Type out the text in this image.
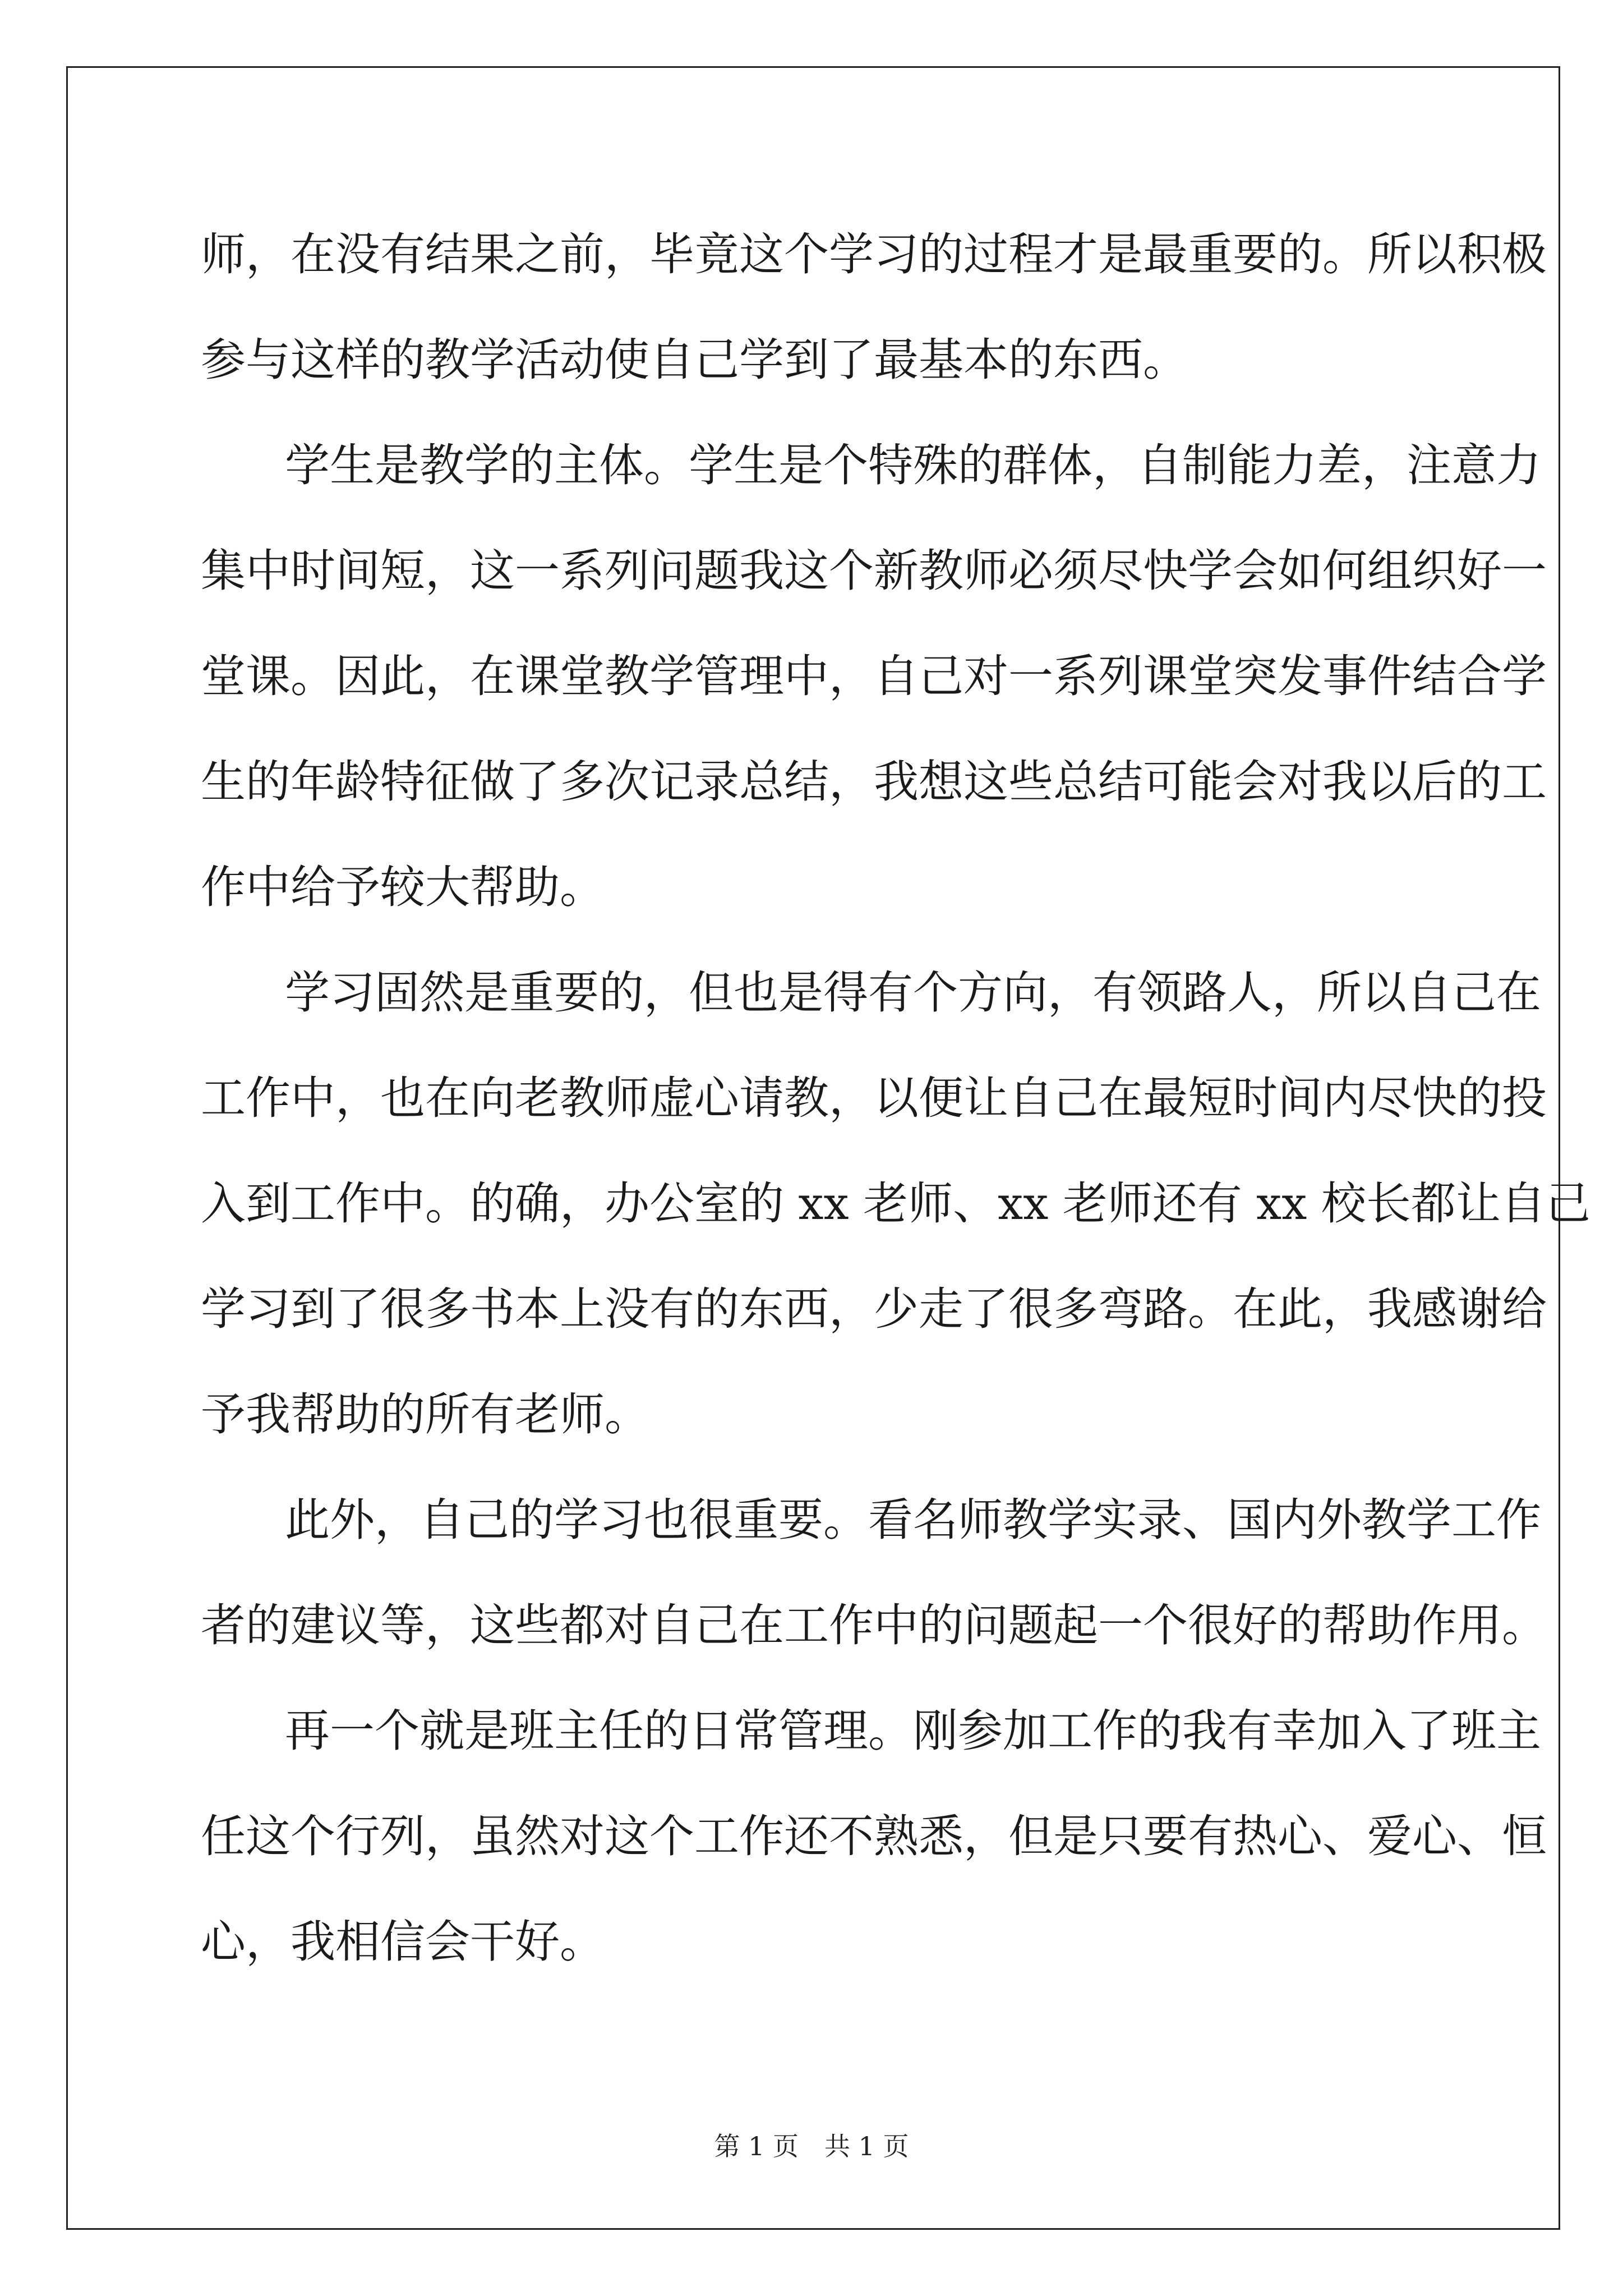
师，在没有结果之前，毕竟这个学习的过程才是最重要的。所以积极
参与这样的教学活动使自己学到了最基本的东西。
学生是教学的主体。学生是个特殊的群体，自制能力差，注意力
集中时间短，这一系列问题我这个新教师必须尽快学会如何组织好一
堂课。因此，在课堂教学管理中，自己对一系列课堂突发事件结合学
生的年龄特征做了多次记录总结，我想这些总结可能会对我以后的工
作中给予较大帮助。
学习固然是重要的，但也是得有个方向，有领路人，所以自己在
工作中，也在向老教师虚心请教，以便让自己在最短时间内尽快的投
入到工作中。的确，办公室的 xx 老师、xx 老师还有 xx 校长都让自己
学习到了很多书本上没有的东西，少走了很多弯路。在此，我感谢给
予我帮助的所有老师。
此外，自己的学习也很重要。看名师教学实录、国内外教学工作
者的建议等，这些都对自己在工作中的问题起一个很好的帮助作用。
再一个就是班主任的日常管理。刚参加工作的我有幸加入了班主
任这个行列，虽然对这个工作还不熟悉，但是只要有热心、爱心、恒
心，我相信会干好。
第 1 页　共 1 页
